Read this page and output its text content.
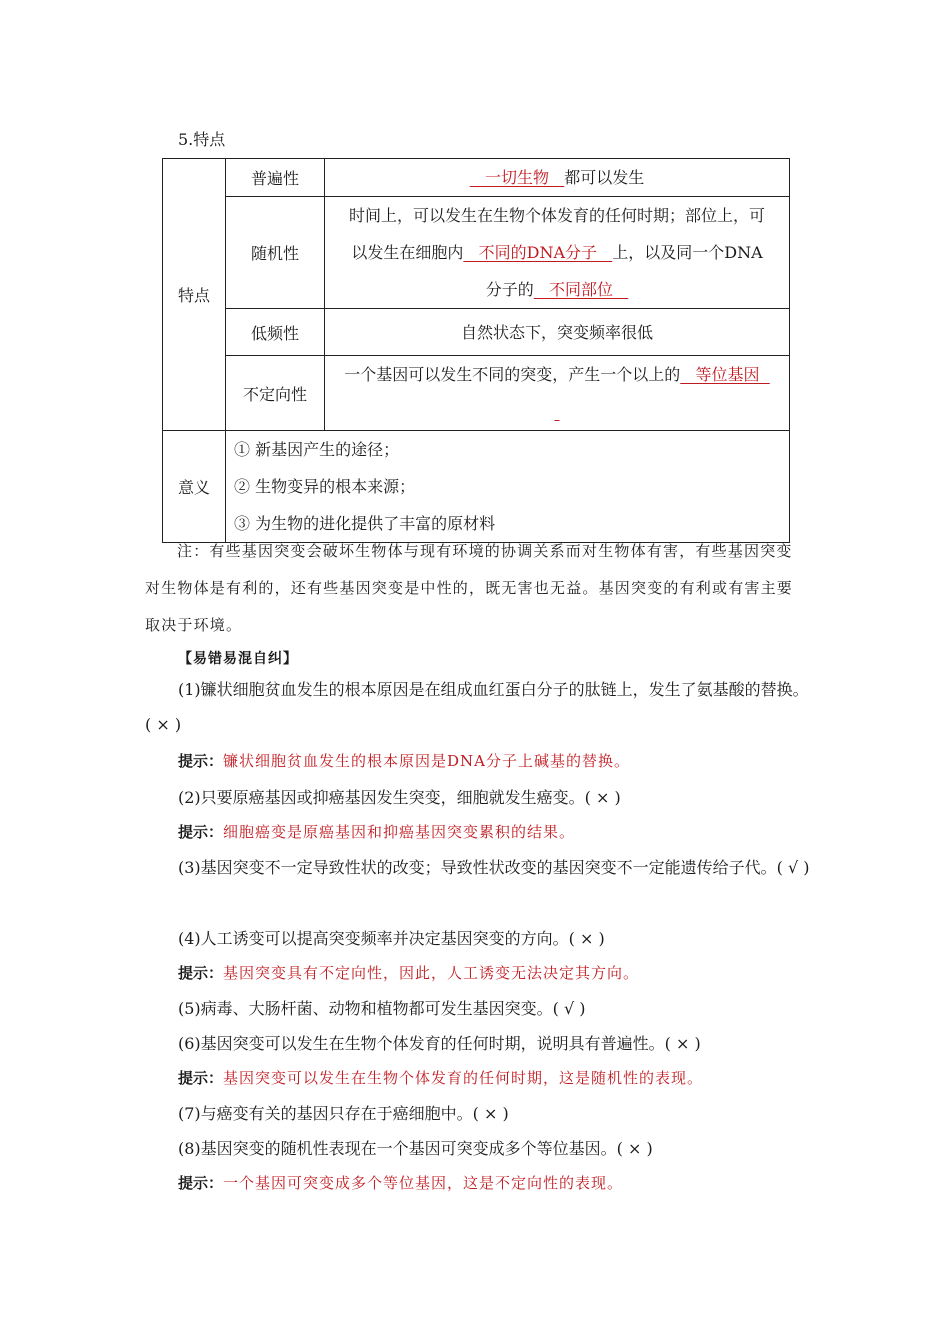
5.特点
特点	普遍性	一切生物   都可以发生
	随机性	时间上，可以发生在生物个体发育的任何时期；部位上，可
以发生在细胞内   不同的DNA分子   上，以及同一个DNA
分子的   不同部位

	低频性	自然状态下，突变频率很低
	不定向性	一个基因可以发生不同的突变，产生一个以上的   等位基因

意义	① 新基因产生的途径；
② 生物变异的根本来源；
③ 为生物的进化提供了丰富的原材料	
注：有些基因突变会破坏生物体与现有环境的协调关系而对生物体有害，有些基因突变对生物体是有利的，还有些基因突变是中性的，既无害也无益。基因突变的有利或有害主要取决于环境。
【易错易混自纠】
(1)镰状细胞贫血发生的根本原因是在组成血红蛋白分子的肽链上，发生了氨基酸的替换。( × )
提示：镰状细胞贫血发生的根本原因是DNA分子上碱基的替换。
(2)只要原癌基因或抑癌基因发生突变，细胞就发生癌变。( × )
提示：细胞癌变是原癌基因和抑癌基因突变累积的结果。
(3)基因突变不一定导致性状的改变；导致性状改变的基因突变不一定能遗传给子代。( √ )
(4)人工诱变可以提高突变频率并决定基因突变的方向。( × )
提示：基因突变具有不定向性，因此，人工诱变无法决定其方向。
(5)病毒、大肠杆菌、动物和植物都可发生基因突变。( √ )
(6)基因突变可以发生在生物个体发育的任何时期，说明具有普遍性。( × )
提示：基因突变可以发生在生物个体发育的任何时期，这是随机性的表现。
(7)与癌变有关的基因只存在于癌细胞中。( × )
(8)基因突变的随机性表现在一个基因可突变成多个等位基因。( × )
提示：一个基因可突变成多个等位基因，这是不定向性的表现。
